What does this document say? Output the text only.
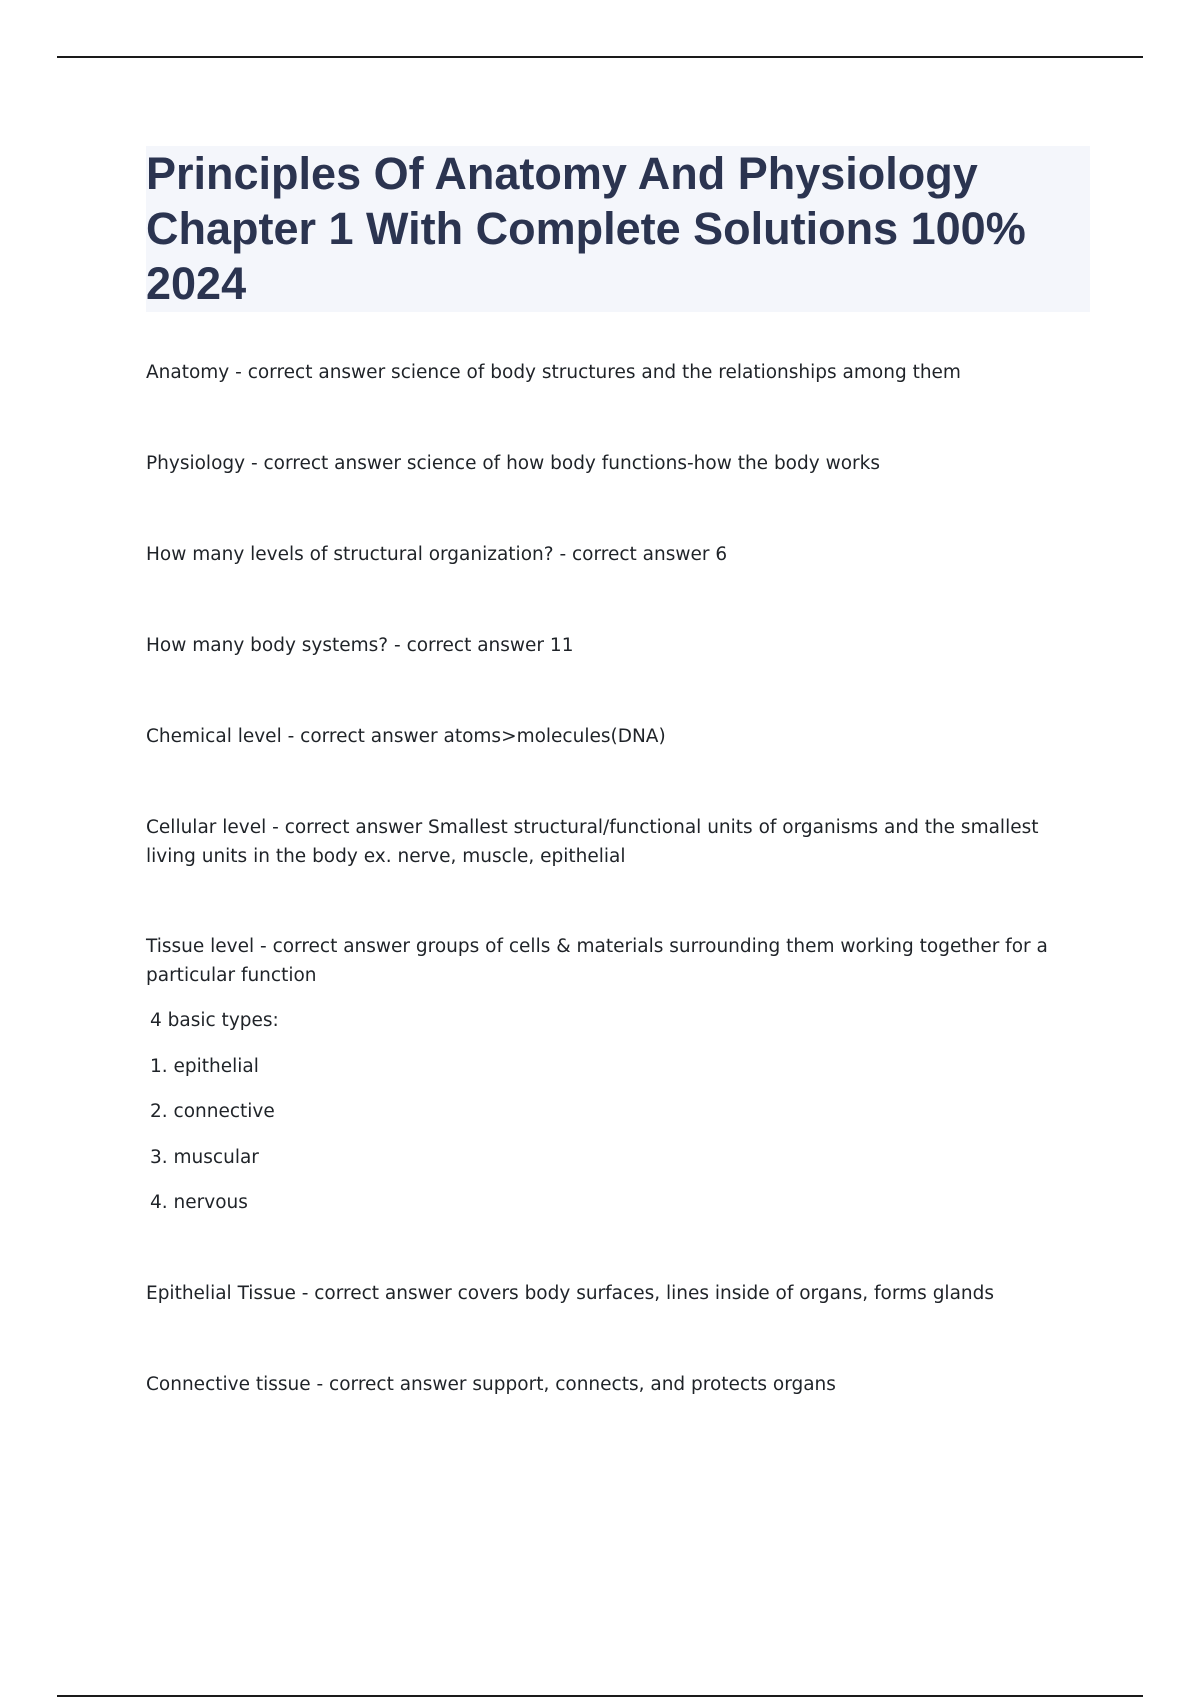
Principles Of Anatomy And Physiology Chapter 1 With Complete Solutions 100% 2024

Anatomy - correct answer science of body structures and the relationships among them

Physiology - correct answer science of how body functions-how the body works

How many levels of structural organization? - correct answer 6

How many body systems? - correct answer 11

Chemical level - correct answer atoms>molecules(DNA)

Cellular level - correct answer Smallest structural/functional units of organisms and the smallest living units in the body ex. nerve, muscle, epithelial

Tissue level - correct answer groups of cells & materials surrounding them working together for a particular function

4 basic types:

1. epithelial

2. connective

3. muscular

4. nervous

Epithelial Tissue - correct answer covers body surfaces, lines inside of organs, forms glands

Connective tissue - correct answer support, connects, and protects organs
